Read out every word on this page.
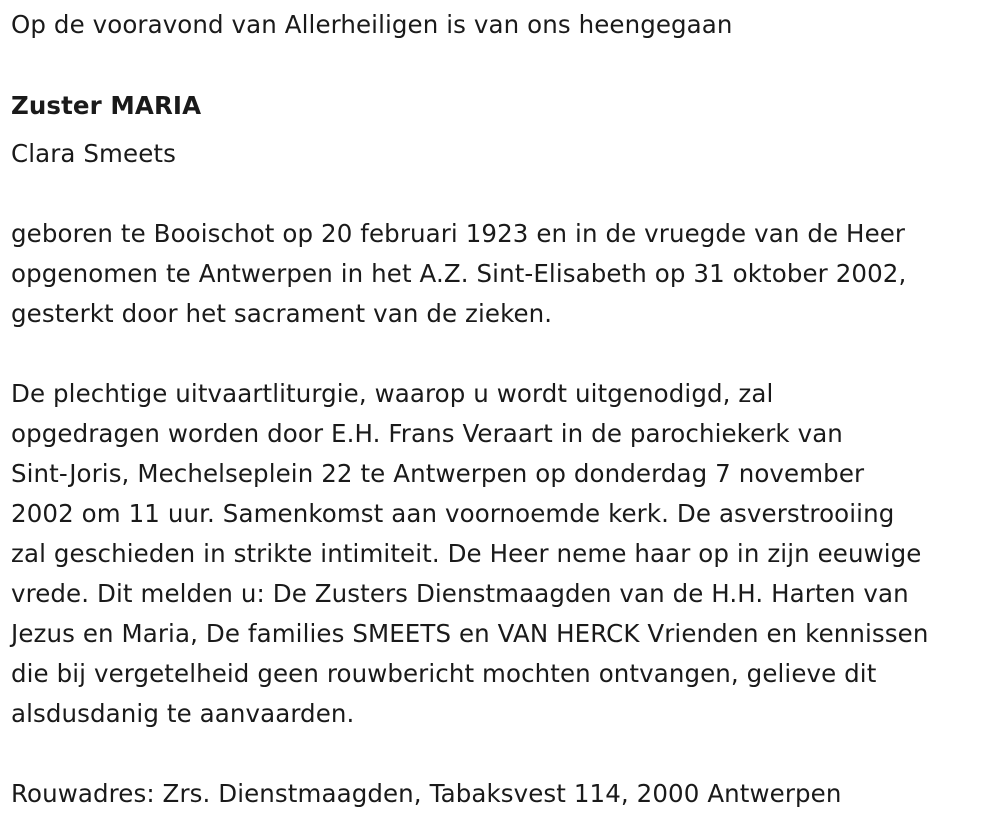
Op de vooravond van Allerheiligen is van ons heengegaan
Zuster MARIA
Clara Smeets
geboren te Booischot op 20 februari 1923 en in de vruegde van de Heer
opgenomen te Antwerpen in het A.Z. Sint-Elisabeth op 31 oktober 2002,
gesterkt door het sacrament van de zieken.
De plechtige uitvaartliturgie, waarop u wordt uitgenodigd, zal
opgedragen worden door E.H. Frans Veraart in de parochiekerk van
Sint-Joris, Mechelseplein 22 te Antwerpen op donderdag 7 november
2002 om 11 uur. Samenkomst aan voornoemde kerk. De asverstrooiing
zal geschieden in strikte intimiteit. De Heer neme haar op in zijn eeuwige
vrede. Dit melden u: De Zusters Dienstmaagden van de H.H. Harten van
Jezus en Maria, De families SMEETS en VAN HERCK Vrienden en kennissen
die bij vergetelheid geen rouwbericht mochten ontvangen, gelieve dit
alsdusdanig te aanvaarden.
Rouwadres: Zrs. Dienstmaagden, Tabaksvest 114, 2000 Antwerpen
